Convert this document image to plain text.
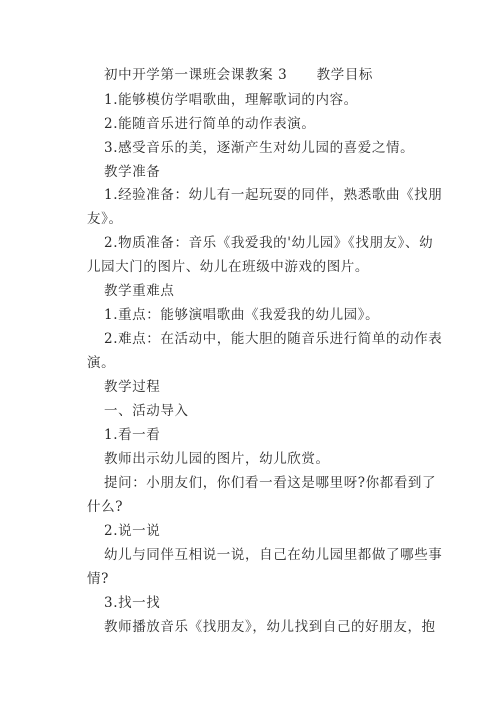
初中开学第一课班会课教案 3      教学目标
1.能够模仿学唱歌曲，理解歌词的内容。
2.能随音乐进行简单的动作表演。
3.感受音乐的美，逐渐产生对幼儿园的喜爱之情。
教学准备
1.经验准备：幼儿有一起玩耍的同伴，熟悉歌曲《找朋
友》。
2.物质准备：音乐《我爱我的'幼儿园》《找朋友》、幼
儿园大门的图片、幼儿在班级中游戏的图片。
教学重难点
1.重点：能够演唱歌曲《我爱我的幼儿园》。
2.难点：在活动中，能大胆的随音乐进行简单的动作表
演。
教学过程
一、活动导入
1.看一看
教师出示幼儿园的图片，幼儿欣赏。
提问：小朋友们，你们看一看这是哪里呀?你都看到了
什么?
2.说一说
幼儿与同伴互相说一说，自己在幼儿园里都做了哪些事
情?
3.找一找
教师播放音乐《找朋友》，幼儿找到自己的好朋友，抱
